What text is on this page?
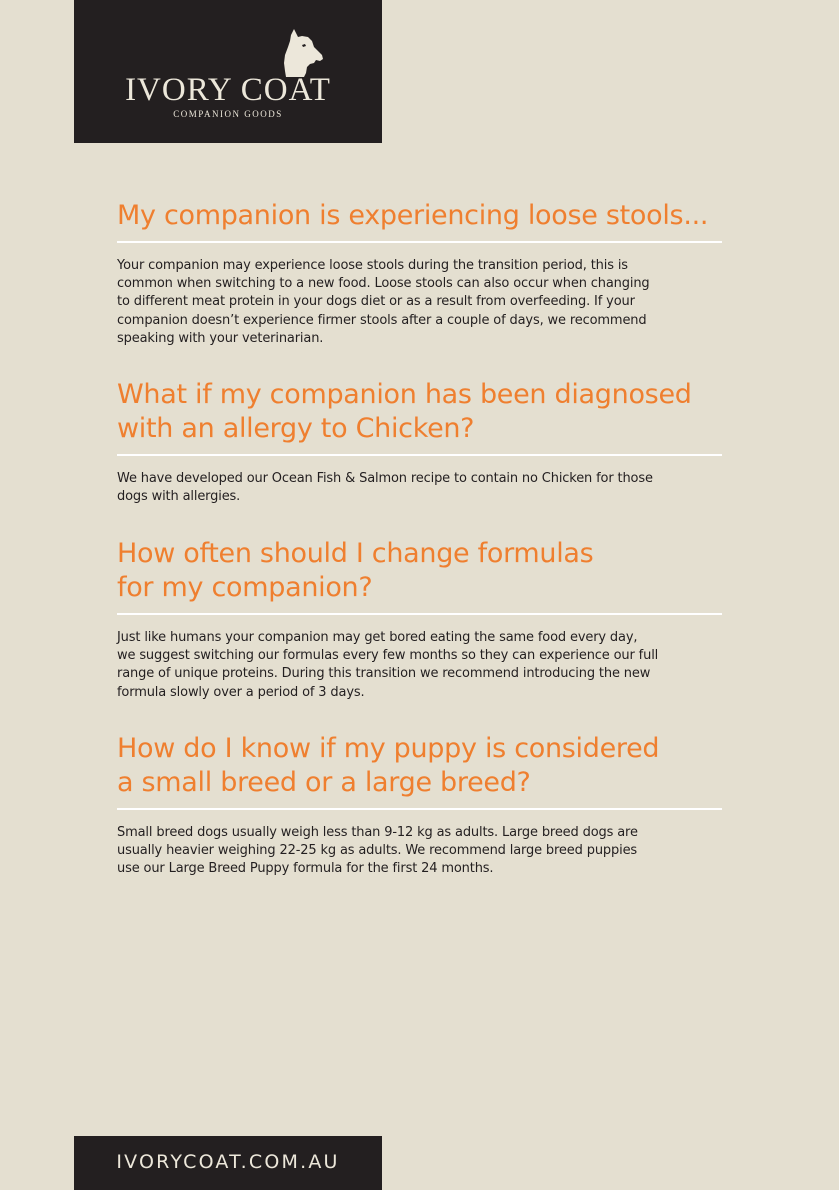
IVORY COAT
COMPANION GOODS
My companion is experiencing loose stools...

Your companion may experience loose stools during the transition period, this is
common when switching to a new food. Loose stools can also occur when changing
to different meat protein in your dogs diet or as a result from overfeeding. If your
companion doesn’t experience firmer stools after a couple of days, we recommend
speaking with your veterinarian.

What if my companion has been diagnosed
with an allergy to Chicken?

We have developed our Ocean Fish & Salmon recipe to contain no Chicken for those
dogs with allergies.

How often should I change formulas
for my companion?

Just like humans your companion may get bored eating the same food every day,
we suggest switching our formulas every few months so they can experience our full
range of unique proteins. During this transition we recommend introducing the new
formula slowly over a period of 3 days.

How do I know if my puppy is considered
a small breed or a large breed?

Small breed dogs usually weigh less than 9-12 kg as adults. Large breed dogs are
usually heavier weighing 22-25 kg as adults. We recommend large breed puppies
use our Large Breed Puppy formula for the first 24 months.

IVORYCOAT.COM.AU
